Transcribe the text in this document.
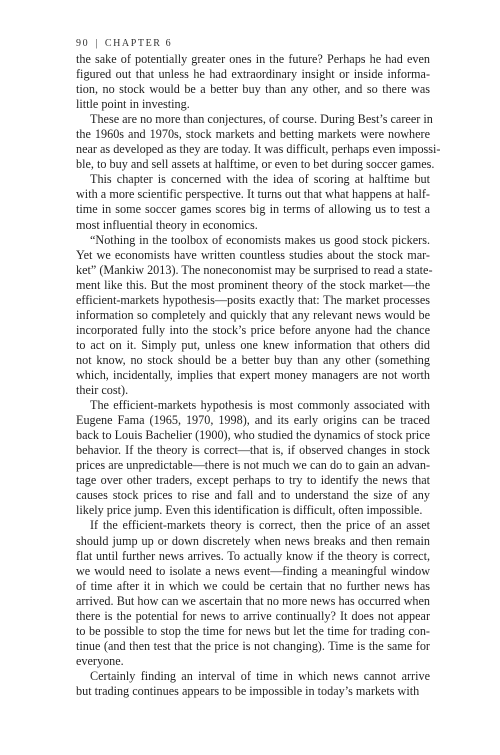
90 | CHAPTER 6

the sake of potentially greater ones in the future? Perhaps he had even
figured out that unless he had extraordinary insight or inside informa-
tion, no stock would be a better buy than any other, and so there was
little point in investing.

These are no more than conjectures, of course. During Best’s career in
the 1960s and 1970s, stock markets and betting markets were nowhere
near as developed as they are today. It was difficult, perhaps even impossi-
ble, to buy and sell assets at halftime, or even to bet during soccer games.

This chapter is concerned with the idea of scoring at halftime but
with a more scientific perspective. It turns out that what happens at half-
time in some soccer games scores big in terms of allowing us to test a
most influential theory in economics.

“Nothing in the toolbox of economists makes us good stock pickers.
Yet we economists have written countless studies about the stock mar-
ket” (Mankiw 2013). The noneconomist may be surprised to read a state-
ment like this. But the most prominent theory of the stock market—the
efficient-markets hypothesis—posits exactly that: The market processes
information so completely and quickly that any relevant news would be
incorporated fully into the stock’s price before anyone had the chance
to act on it. Simply put, unless one knew information that others did
not know, no stock should be a better buy than any other (something
which, incidentally, implies that expert money managers are not worth
their cost).

The efficient-markets hypothesis is most commonly associated with
Eugene Fama (1965, 1970, 1998), and its early origins can be traced
back to Louis Bachelier (1900), who studied the dynamics of stock price
behavior. If the theory is correct—that is, if observed changes in stock
prices are unpredictable—there is not much we can do to gain an advan-
tage over other traders, except perhaps to try to identify the news that
causes stock prices to rise and fall and to understand the size of any
likely price jump. Even this identification is difficult, often impossible.

If the efficient-markets theory is correct, then the price of an asset
should jump up or down discretely when news breaks and then remain
flat until further news arrives. To actually know if the theory is correct,
we would need to isolate a news event—finding a meaningful window
of time after it in which we could be certain that no further news has
arrived. But how can we ascertain that no more news has occurred when
there is the potential for news to arrive continually? It does not appear
to be possible to stop the time for news but let the time for trading con-
tinue (and then test that the price is not changing). Time is the same for
everyone.

Certainly finding an interval of time in which news cannot arrive
but trading continues appears to be impossible in today’s markets with
